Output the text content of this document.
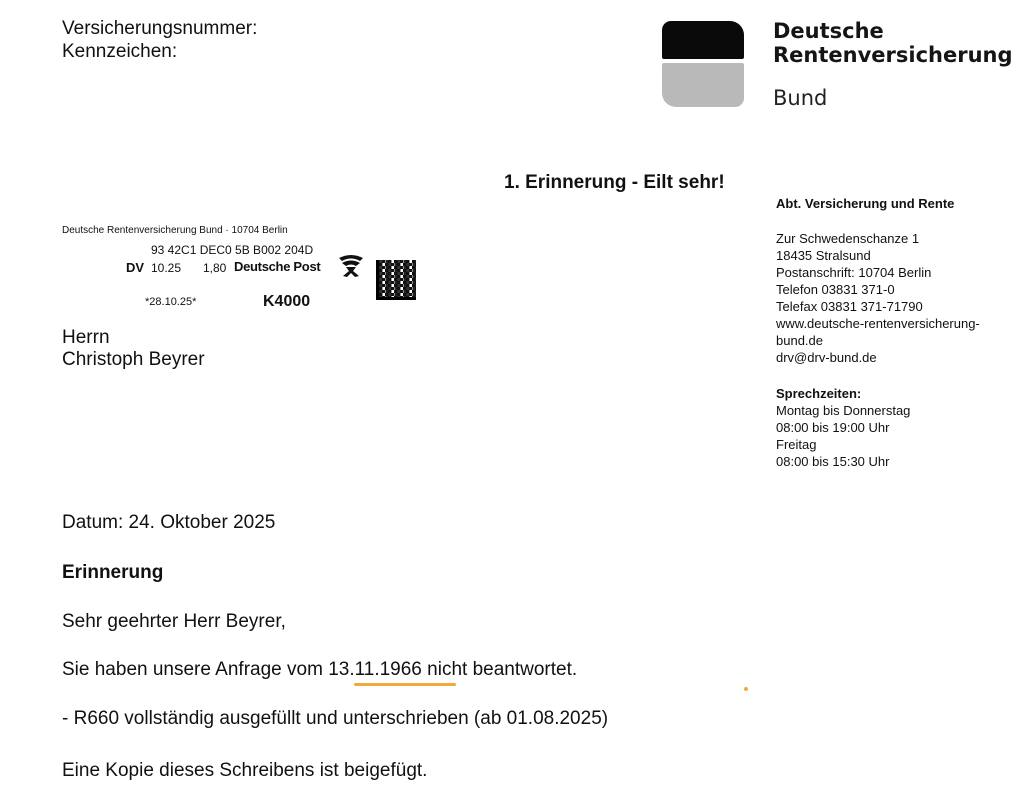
Versicherungsnummer:
Kennzeichen:
Deutsche
Rentenversicherung
Bund
1. Erinnerung - Eilt sehr!
Deutsche Rentenversicherung Bund · 10704 Berlin
93 42C1 DEC0 5B B002 204D
DV 10.25 1,80 Deutsche Post
*28.10.25*	K4000
Herrn
Christoph Beyrer
Abt. Versicherung und Rente
Zur Schwedenschanze 1
18435 Stralsund
Postanschrift: 10704 Berlin
Telefon 03831 371-0
Telefax 03831 371-71790
www.deutsche-rentenversicherung-
bund.de
drv@drv-bund.de
Sprechzeiten:
Montag bis Donnerstag
08:00 bis 19:00 Uhr
Freitag
08:00 bis 15:30 Uhr
Datum: 24. Oktober 2025
Erinnerung
Sehr geehrter Herr Beyrer,
Sie haben unsere Anfrage vom 13.11.1966 nicht beantwortet.
- R660 vollständig ausgefüllt und unterschrieben (ab 01.08.2025)
Eine Kopie dieses Schreibens ist beigefügt.
